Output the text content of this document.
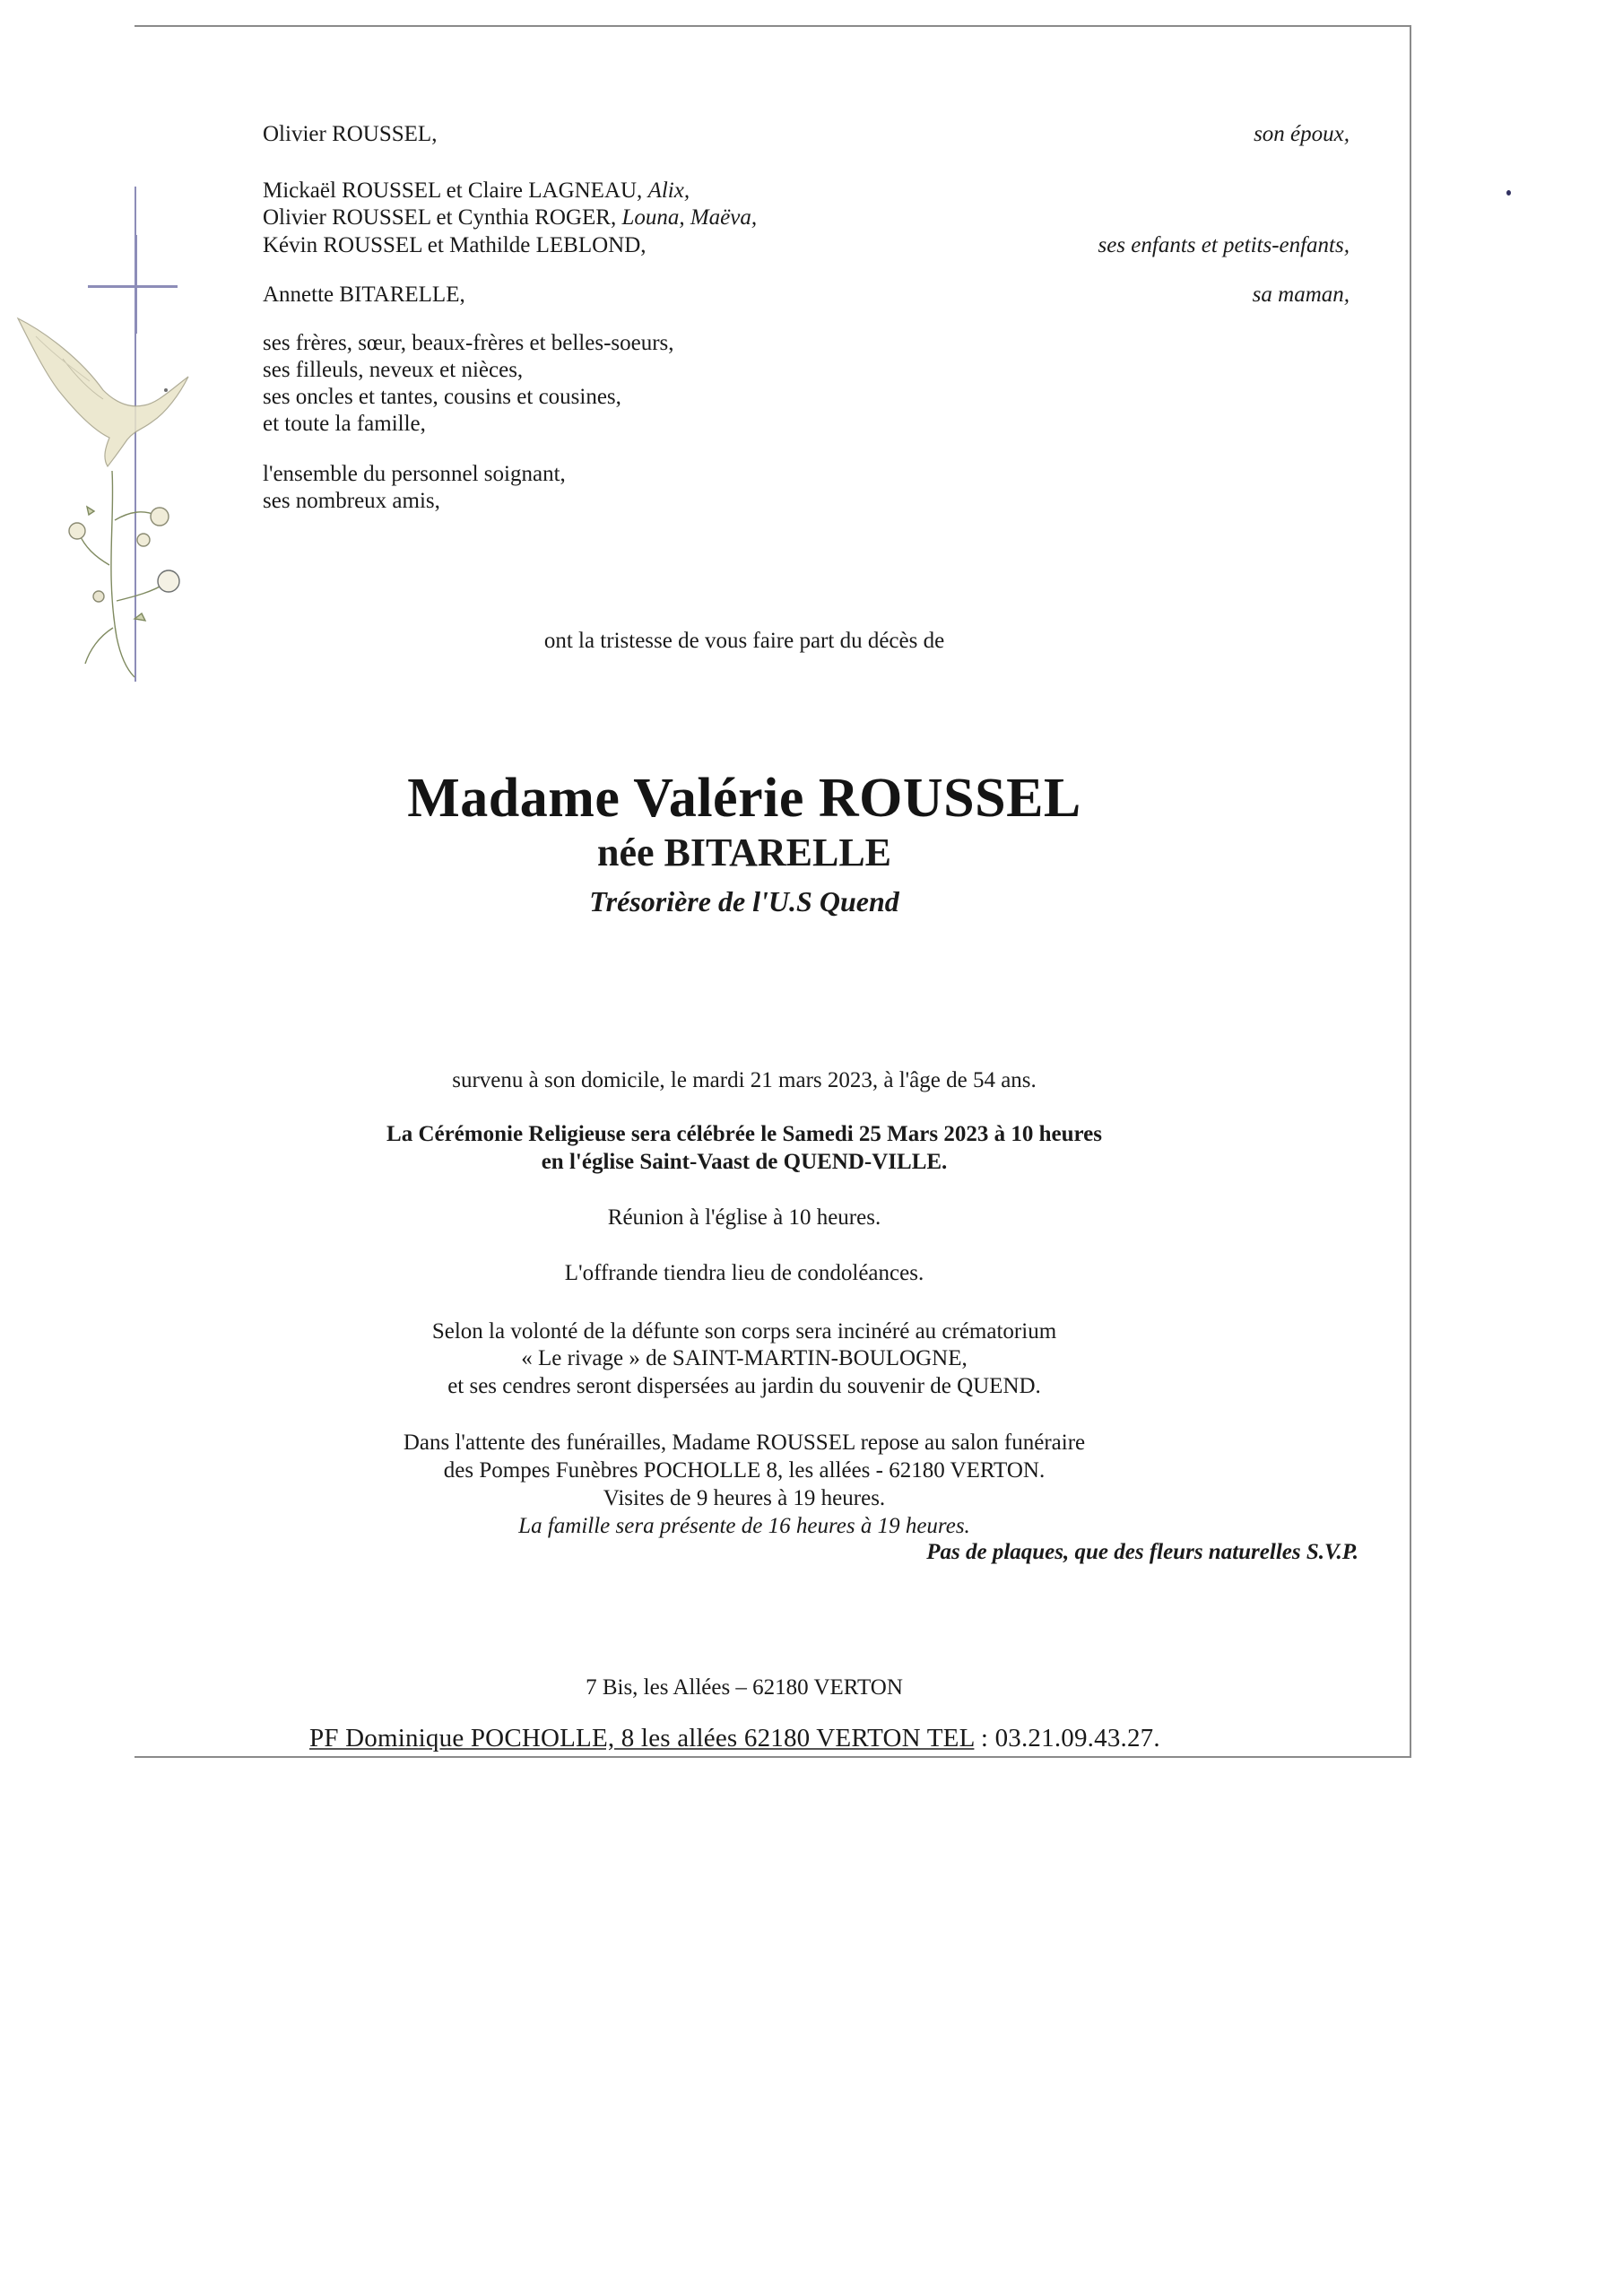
Olivier ROUSSEL,	son époux,
Mickaël ROUSSEL et Claire LAGNEAU, Alix,
Olivier ROUSSEL et Cynthia ROGER, Louna, Maëva,
Kévin ROUSSEL et Mathilde LEBLOND,	ses enfants et petits-enfants,
Annette BITARELLE,	sa maman,
ses frères, sœur, beaux-frères et belles-soeurs,
ses filleuls, neveux et nièces,
ses oncles et tantes, cousins et cousines,
et toute la famille,
l'ensemble du personnel soignant,
ses nombreux amis,
ont la tristesse de vous faire part du décès de
Madame Valérie ROUSSEL
née BITARELLE
Trésorière de l'U.S Quend
survenu à son domicile, le mardi 21 mars 2023, à l'âge de 54 ans.
La Cérémonie Religieuse sera célébrée le Samedi 25 Mars 2023 à 10 heures
en l'église Saint-Vaast de QUEND-VILLE.
Réunion à l'église à 10 heures.
L'offrande tiendra lieu de condoléances.
Selon la volonté de la défunte son corps sera incinéré au crématorium
« Le rivage » de SAINT-MARTIN-BOULOGNE,
et ses cendres seront dispersées au jardin du souvenir de QUEND.
Dans l'attente des funérailles, Madame ROUSSEL repose au salon funéraire
des Pompes Funèbres POCHOLLE 8, les allées - 62180 VERTON.
Visites de 9 heures à 19 heures.
La famille sera présente de 16 heures à 19 heures.
Pas de plaques, que des fleurs naturelles S.V.P.
7 Bis, les Allées – 62180 VERTON
PF Dominique POCHOLLE, 8 les allées 62180 VERTON TEL : 03.21.09.43.27.
